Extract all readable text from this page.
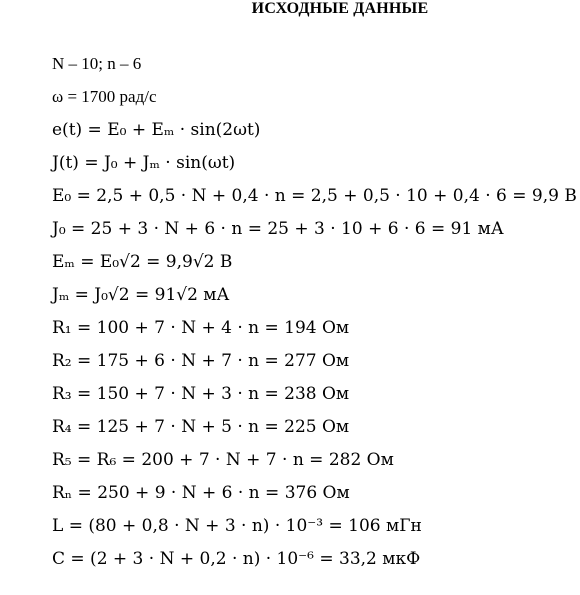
ИСХОДНЫЕ ДАННЫЕ
N – 10; n – 6
ω = 1700 рад/с
e(t) = E₀ + Eₘ · sin(2ωt)
J(t) = J₀ + Jₘ · sin(ωt)
E₀ = 2,5 + 0,5 · N + 0,4 · n = 2,5 + 0,5 · 10 + 0,4 · 6 = 9,9 В
J₀ = 25 + 3 · N + 6 · n = 25 + 3 · 10 + 6 · 6 = 91 мА
Eₘ = E₀√2 = 9,9√2 В
Jₘ = J₀√2 = 91√2 мА
R₁ = 100 + 7 · N + 4 · n = 194 Ом
R₂ = 175 + 6 · N + 7 · n = 277 Ом
R₃ = 150 + 7 · N + 3 · n = 238 Ом
R₄ = 125 + 7 · N + 5 · n = 225 Ом
R₅ = R₆ = 200 + 7 · N + 7 · n = 282 Ом
Rₙ = 250 + 9 · N + 6 · n = 376 Ом
L = (80 + 0,8 · N + 3 · n) · 10⁻³ = 106 мГн
C = (2 + 3 · N + 0,2 · n) · 10⁻⁶ = 33,2 мкФ
